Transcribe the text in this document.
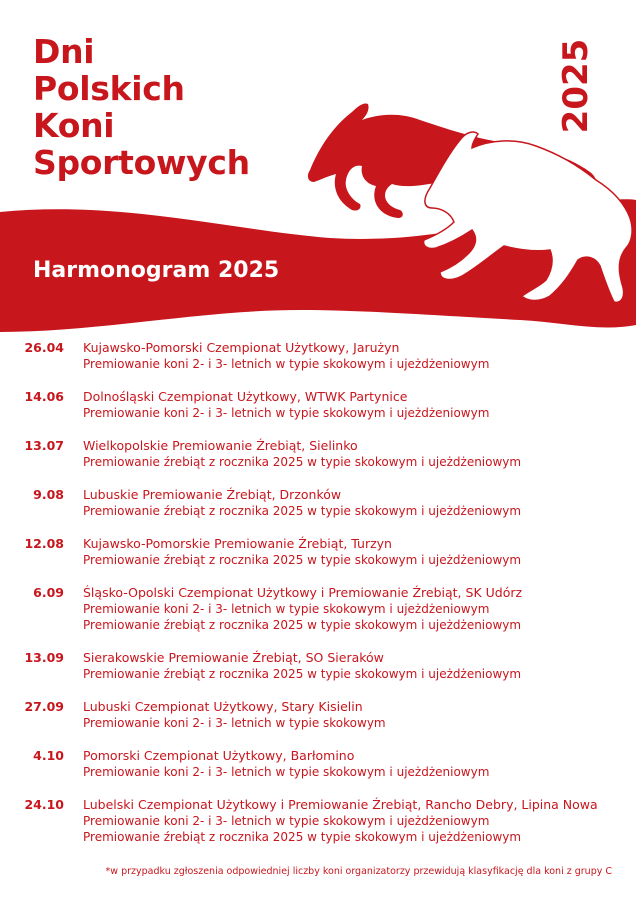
Dni
Polskich
Koni
Sportowych
2025
Harmonogram 2025
26.04 Kujawsko-Pomorski Czempionat Użytkowy, Jarużyn
Premiowanie koni 2- i 3- letnich w typie skokowym i ujeżdżeniowym
14.06 Dolnośląski Czempionat Użytkowy, WTWK Partynice
Premiowanie koni 2- i 3- letnich w typie skokowym i ujeżdżeniowym
13.07 Wielkopolskie Premiowanie Źrebiąt, Sielinko
Premiowanie źrebiąt z rocznika 2025 w typie skokowym i ujeżdżeniowym
9.08 Lubuskie Premiowanie Źrebiąt, Drzonków
Premiowanie źrebiąt z rocznika 2025 w typie skokowym i ujeżdżeniowym
12.08 Kujawsko-Pomorskie Premiowanie Źrebiąt, Turzyn
Premiowanie źrebiąt z rocznika 2025 w typie skokowym i ujeżdżeniowym
6.09 Śląsko-Opolski Czempionat Użytkowy i Premiowanie Źrebiąt, SK Udórz
Premiowanie koni 2- i 3- letnich w typie skokowym i ujeżdżeniowym
Premiowanie źrebiąt z rocznika 2025 w typie skokowym i ujeżdżeniowym
13.09 Sierakowskie Premiowanie Źrebiąt, SO Sieraków
Premiowanie źrebiąt z rocznika 2025 w typie skokowym i ujeżdżeniowym
27.09 Lubuski Czempionat Użytkowy, Stary Kisielin
Premiowanie koni 2- i 3- letnich w typie skokowym
4.10 Pomorski Czempionat Użytkowy, Barłomino
Premiowanie koni 2- i 3- letnich w typie skokowym i ujeżdżeniowym
24.10 Lubelski Czempionat Użytkowy i Premiowanie Źrebiąt, Rancho Debry, Lipina Nowa
Premiowanie koni 2- i 3- letnich w typie skokowym i ujeżdżeniowym
Premiowanie źrebiąt z rocznika 2025 w typie skokowym i ujeżdżeniowym
*w przypadku zgłoszenia odpowiedniej liczby koni organizatorzy przewidują klasyfikację dla koni z grupy C
